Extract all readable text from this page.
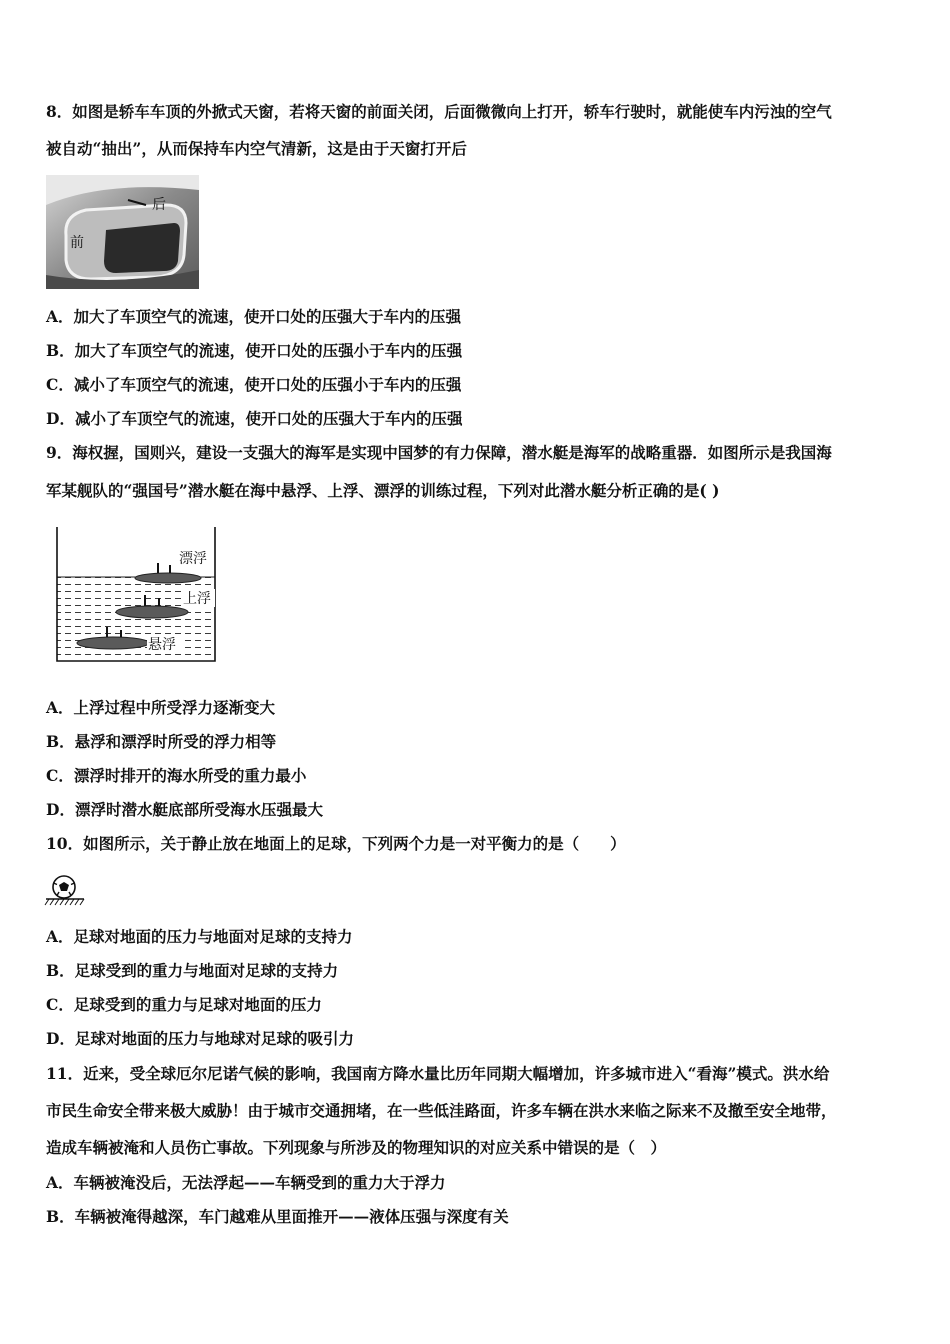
8．如图是轿车车顶的外掀式天窗，若将天窗的前面关闭，后面微微向上打开，轿车行驶时，就能使车内污浊的空气
被自动“抽出”，从而保持车内空气清新，这是由于天窗打开后
后
前
A．加大了车顶空气的流速，使开口处的压强大于车内的压强
B．加大了车顶空气的流速，使开口处的压强小于车内的压强
C．减小了车顶空气的流速，使开口处的压强小于车内的压强
D．减小了车顶空气的流速，使开口处的压强大于车内的压强
9．海权握，国则兴，建设一支强大的海军是实现中国梦的有力保障，潜水艇是海军的战略重器．如图所示是我国海
军某舰队的“强国号”潜水艇在海中悬浮、上浮、漂浮的训练过程，下列对此潜水艇分析正确的是( )
漂浮
上浮
悬浮
A．上浮过程中所受浮力逐渐变大
B．悬浮和漂浮时所受的浮力相等
C．漂浮时排开的海水所受的重力最小
D．漂浮时潜水艇底部所受海水压强最大
10．如图所示，关于静止放在地面上的足球，下列两个力是一对平衡力的是（　　）
A．足球对地面的压力与地面对足球的支持力
B．足球受到的重力与地面对足球的支持力
C．足球受到的重力与足球对地面的压力
D．足球对地面的压力与地球对足球的吸引力
11．近来，受全球厄尔尼诺气候的影响，我国南方降水量比历年同期大幅增加，许多城市进入“看海”模式。洪水给
市民生命安全带来极大威胁！由于城市交通拥堵，在一些低洼路面，许多车辆在洪水来临之际来不及撤至安全地带，
造成车辆被淹和人员伤亡事故。下列现象与所涉及的物理知识的对应关系中错误的是（　）
A．车辆被淹没后，无法浮起——车辆受到的重力大于浮力
B．车辆被淹得越深，车门越难从里面推开——液体压强与深度有关
